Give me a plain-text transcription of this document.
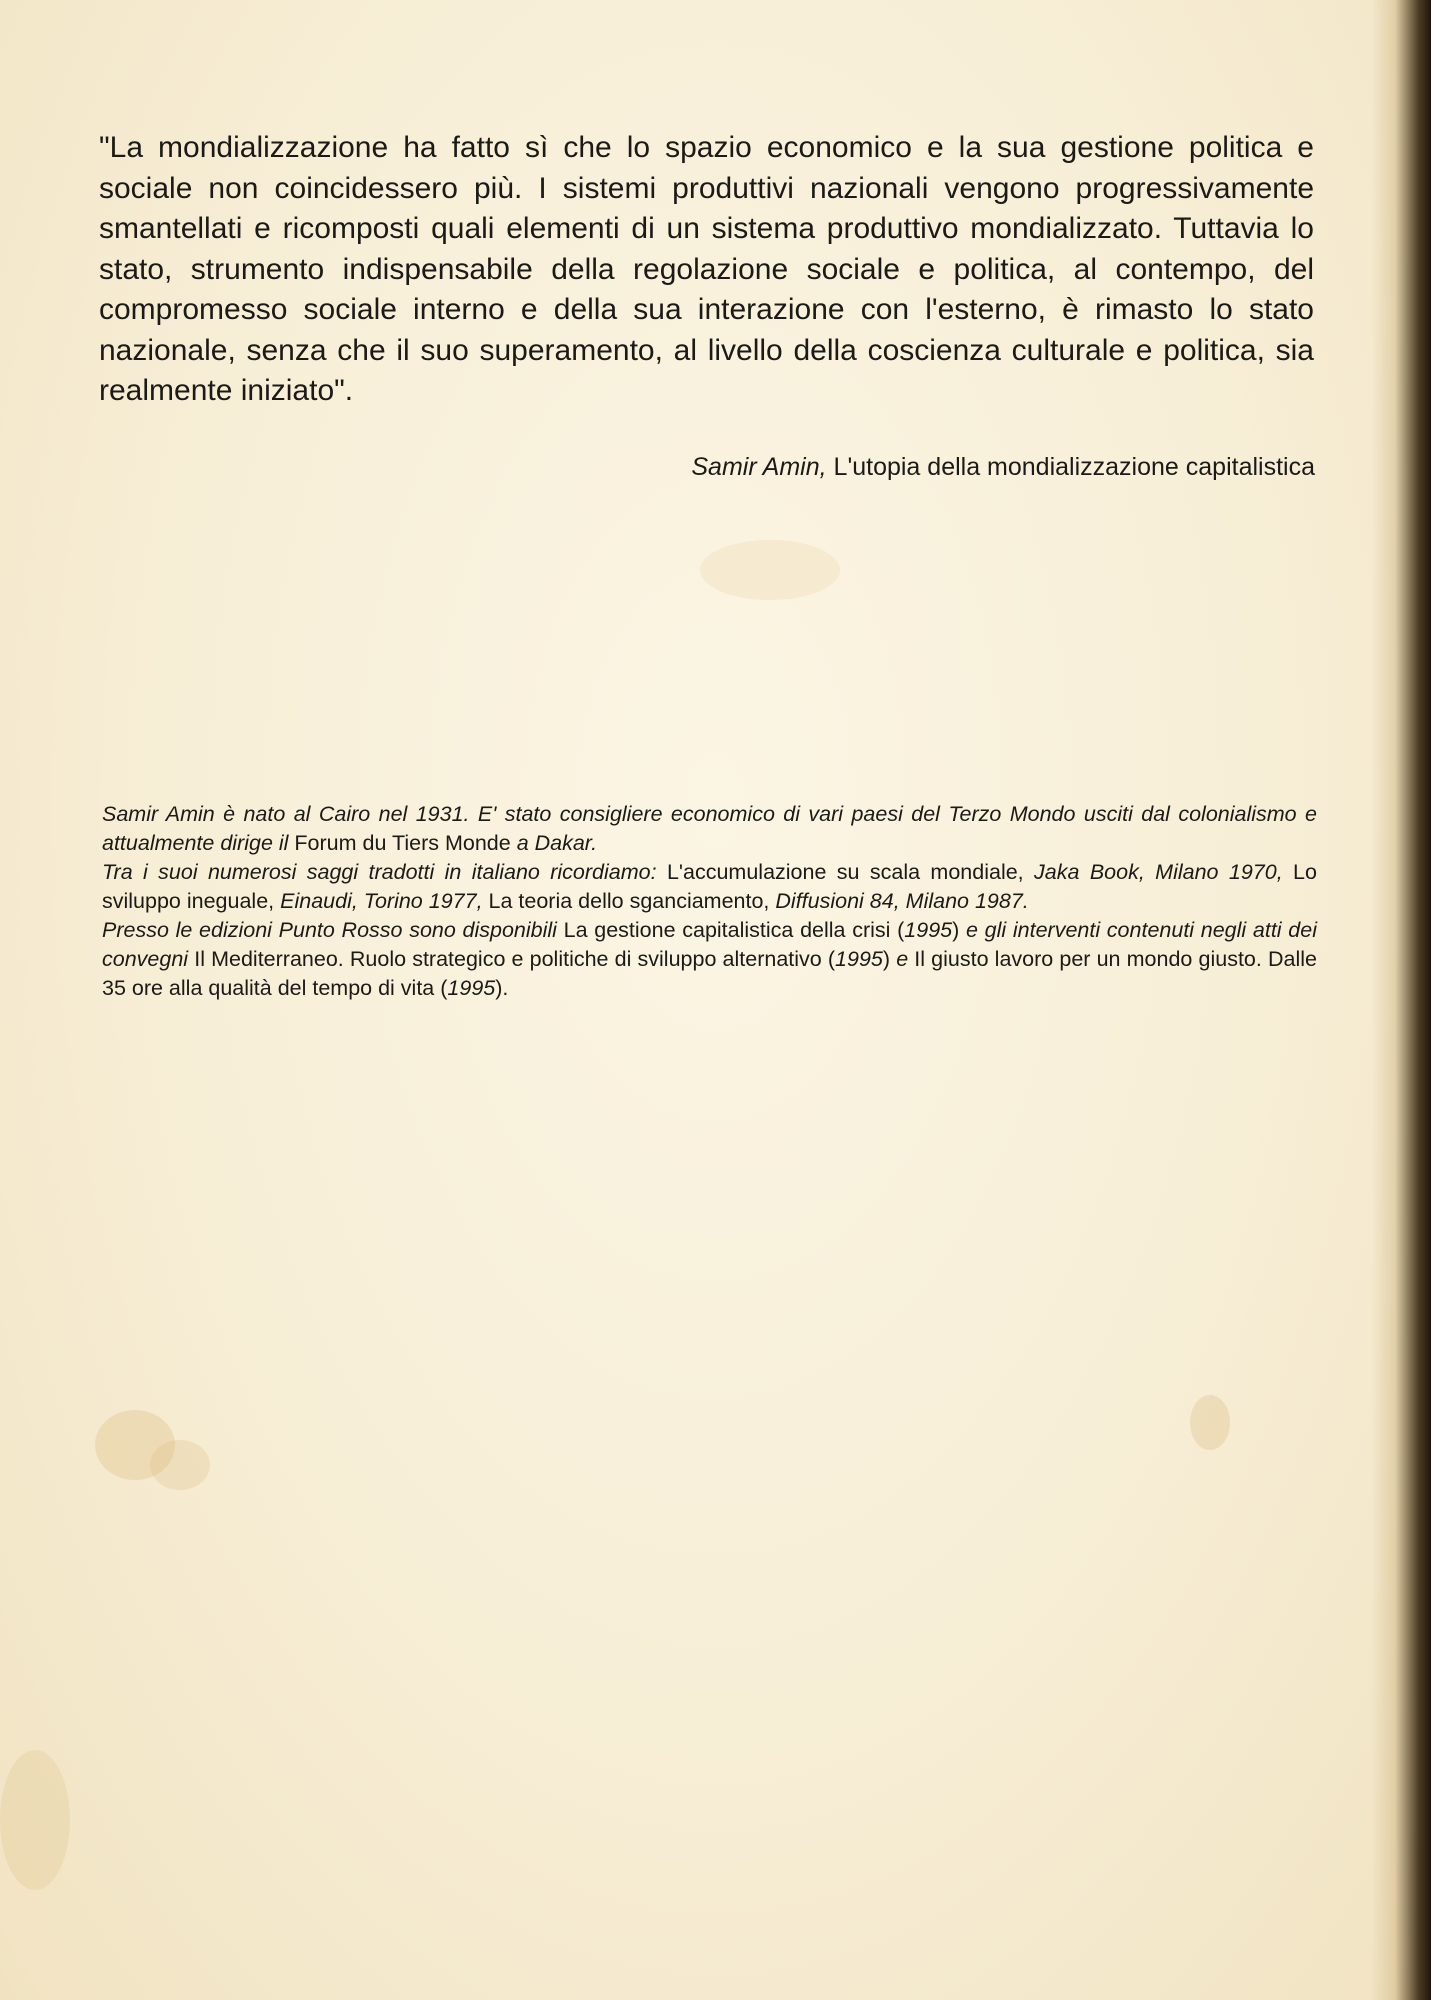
"La mondializzazione ha fatto sì che lo spazio economico e la sua gestione politica e sociale non coincidessero più. I sistemi produttivi nazionali vengono progressivamente smantellati e ricomposti quali elementi di un sistema produttivo mondializzato. Tuttavia lo stato, strumento indispensabile della regolazione sociale e politica, al contempo, del compromesso sociale interno e della sua interazione con l'esterno, è rimasto lo stato nazionale, senza che il suo superamento, al livello della coscienza culturale e politica, sia realmente iniziato".

Samir Amin, L'utopia della mondializzazione capitalistica

Samir Amin è nato al Cairo nel 1931. E' stato consigliere economico di vari paesi del Terzo Mondo usciti dal colonialismo e attualmente dirige il Forum du Tiers Monde a Dakar.

Tra i suoi numerosi saggi tradotti in italiano ricordiamo: L'accumulazione su scala mondiale, Jaka Book, Milano 1970, Lo sviluppo ineguale, Einaudi, Torino 1977, La teoria dello sganciamento, Diffusioni 84, Milano 1987.

Presso le edizioni Punto Rosso sono disponibili La gestione capitalistica della crisi (1995) e gli interventi contenuti negli atti dei convegni Il Mediterraneo. Ruolo strategico e politiche di sviluppo alternativo (1995) e Il giusto lavoro per un mondo giusto. Dalle 35 ore alla qualità del tempo di vita (1995).
